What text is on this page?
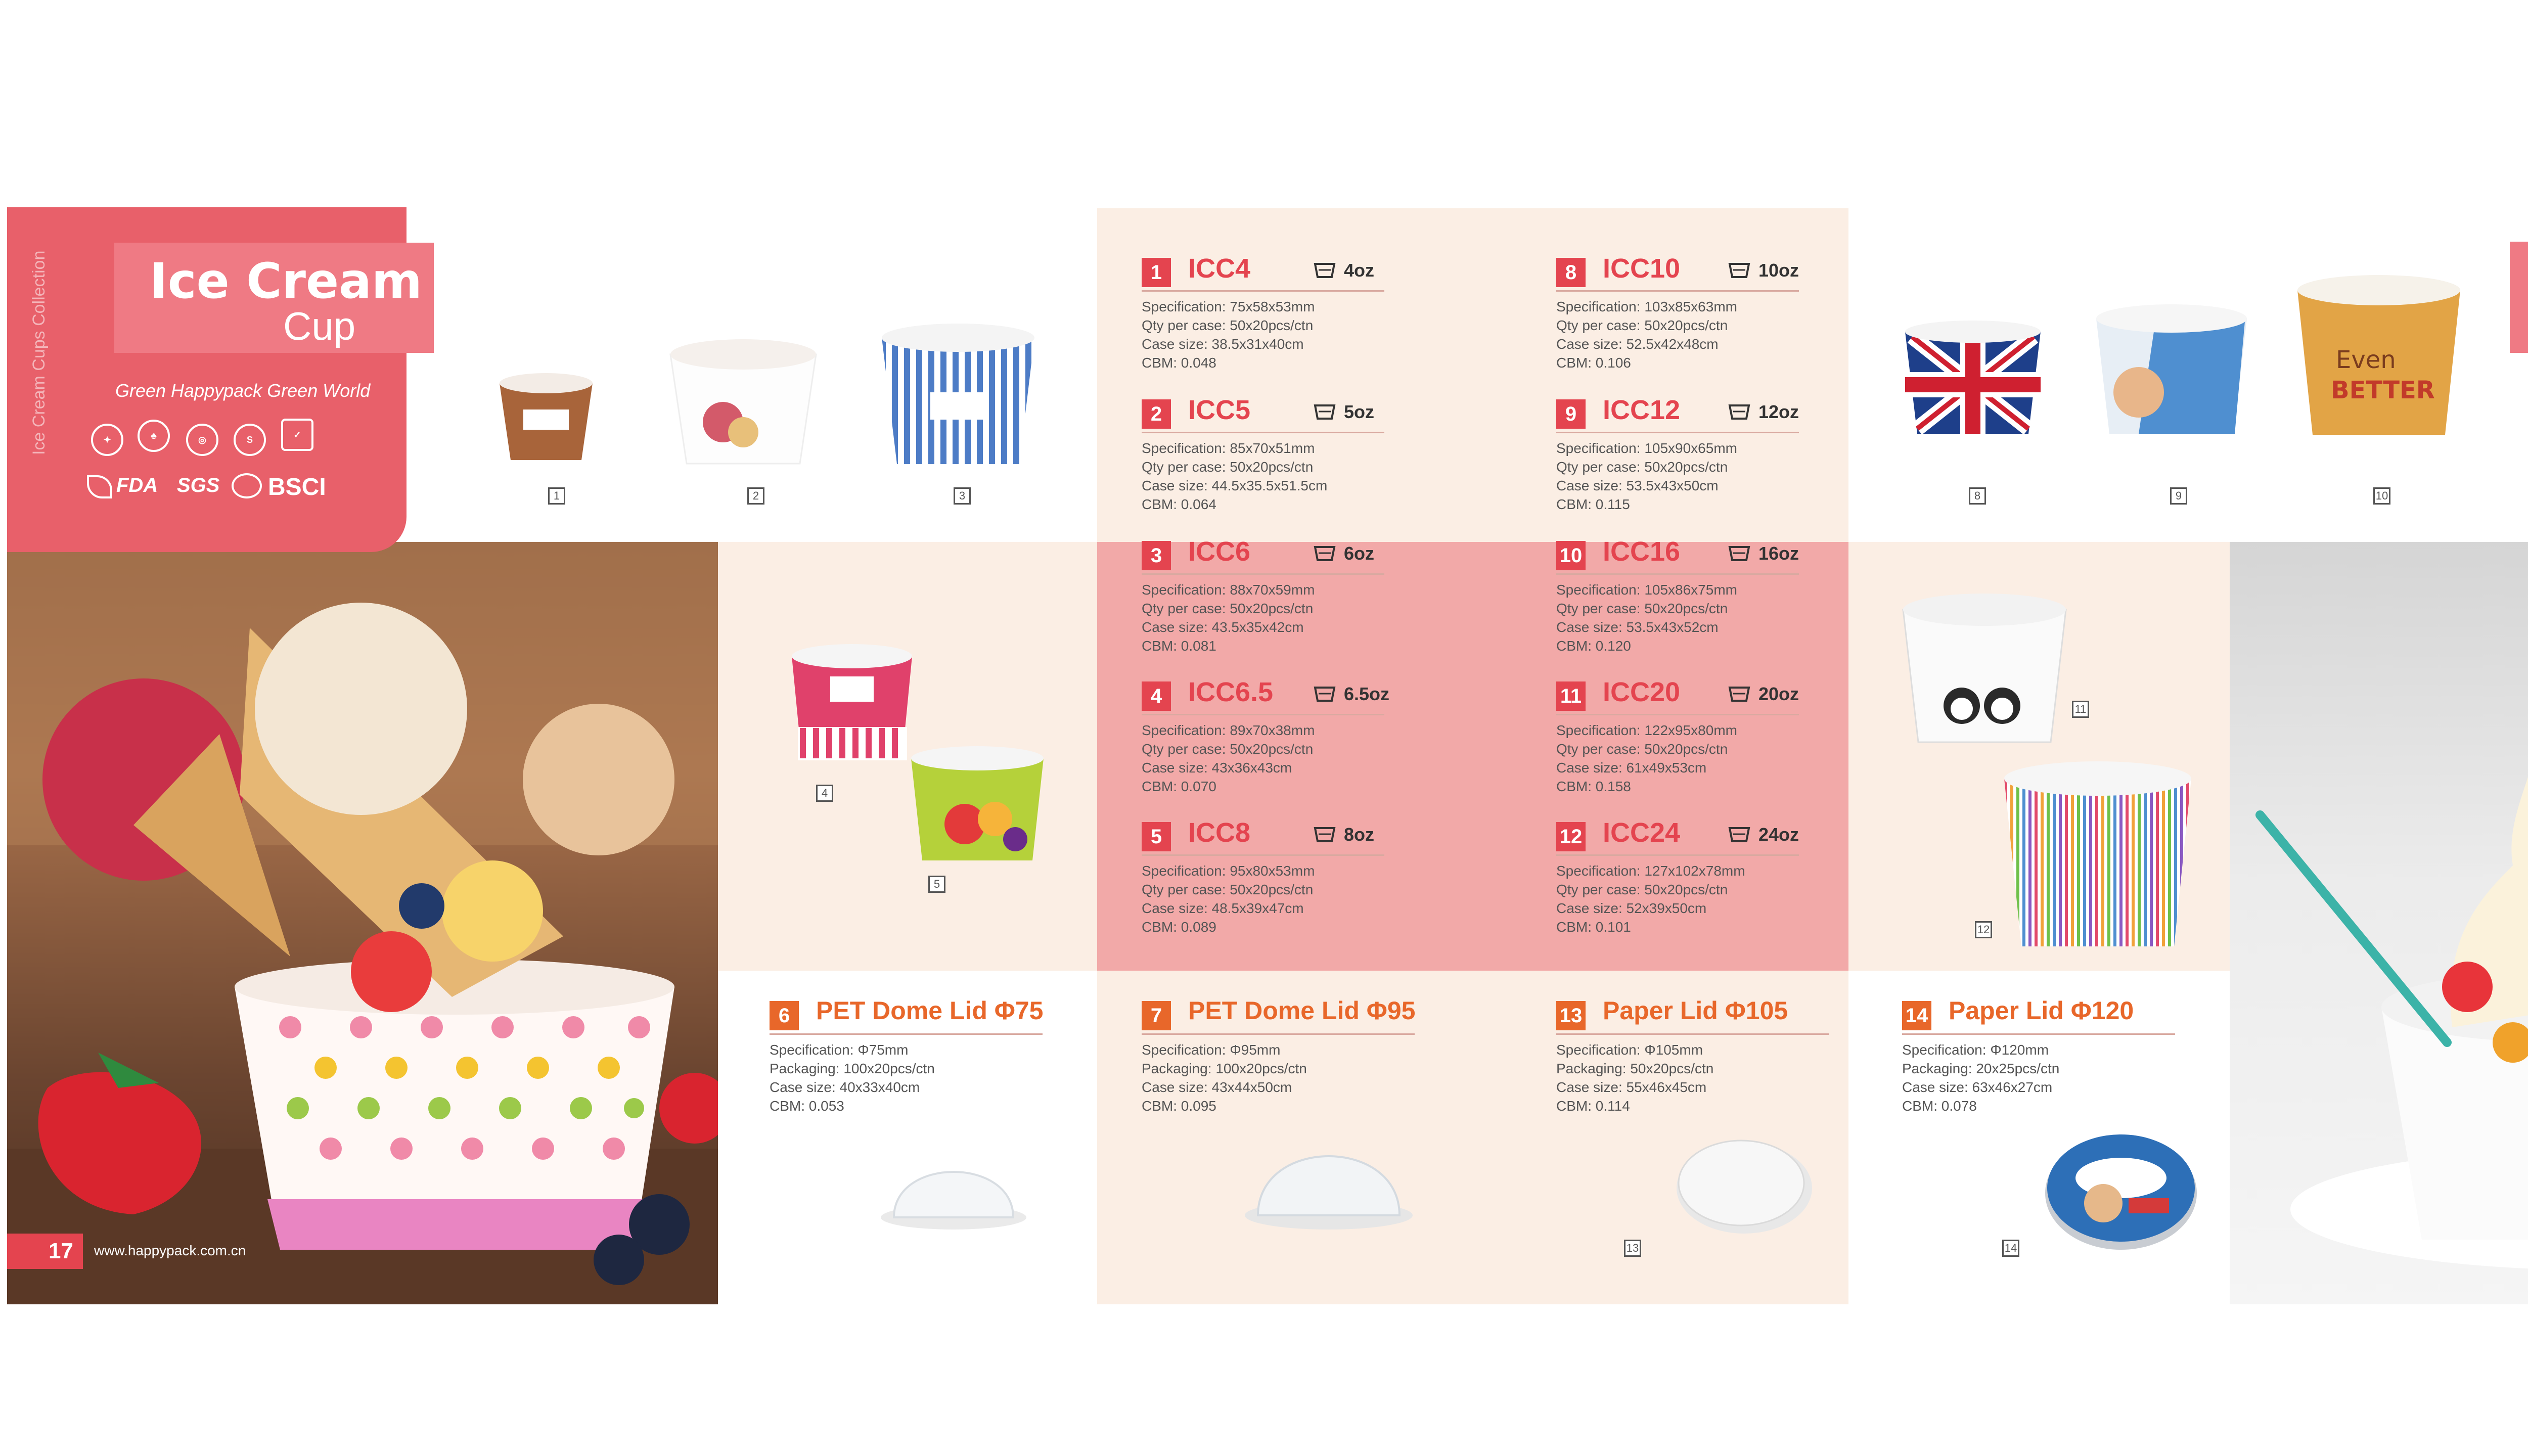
17 www.happypack.com.cn
Ice Cream
Cup
Green Happypack Green World
Ice Cream Cups Collection	✦	♣	◎	S	✓
FDA SGS BSCI
Even
BETTER
1	2	3
4
5
8	9	10
11
12
13	14
1 ICC4	4oz
Specification: 75x58x53mm
Qty per case: 50x20pcs/ctn
Case size: 38.5x31x40cm
CBM: 0.048
2 ICC5	5oz
Specification: 85x70x51mm
Qty per case: 50x20pcs/ctn
Case size: 44.5x35.5x51.5cm
CBM: 0.064
3 ICC6	6oz
Specification: 88x70x59mm
Qty per case: 50x20pcs/ctn
Case size: 43.5x35x42cm
CBM: 0.081
4 ICC6.5	6.5oz
Specification: 89x70x38mm
Qty per case: 50x20pcs/ctn
Case size: 43x36x43cm
CBM: 0.070
5 ICC8	8oz
Specification: 95x80x53mm
Qty per case: 50x20pcs/ctn
Case size: 48.5x39x47cm
CBM: 0.089
8 ICC10	10oz
Specification: 103x85x63mm
Qty per case: 50x20pcs/ctn
Case size: 52.5x42x48cm
CBM: 0.106
9 ICC12	12oz
Specification: 105x90x65mm
Qty per case: 50x20pcs/ctn
Case size: 53.5x43x50cm
CBM: 0.115
10 ICC16	16oz
Specification: 105x86x75mm
Qty per case: 50x20pcs/ctn
Case size: 53.5x43x52cm
CBM: 0.120
11 ICC20	20oz
Specification: 122x95x80mm
Qty per case: 50x20pcs/ctn
Case size: 61x49x53cm
CBM: 0.158
12 ICC24	24oz
Specification: 127x102x78mm
Qty per case: 50x20pcs/ctn
Case size: 52x39x50cm
CBM: 0.101
6	PET Dome Lid Φ75
Specification: Φ75mm
Packaging: 100x20pcs/ctn
Case size: 40x33x40cm
CBM: 0.053
7	PET Dome Lid Φ95
Specification: Φ95mm
Packaging: 100x20pcs/ctn
Case size: 43x44x50cm
CBM: 0.095
13 Paper Lid Φ105
Specification: Φ105mm
Packaging: 50x20pcs/ctn
Case size: 55x46x45cm
CBM: 0.114
14 Paper Lid Φ120
Specification: Φ120mm
Packaging: 20x25pcs/ctn
Case size: 63x46x27cm
CBM: 0.078
